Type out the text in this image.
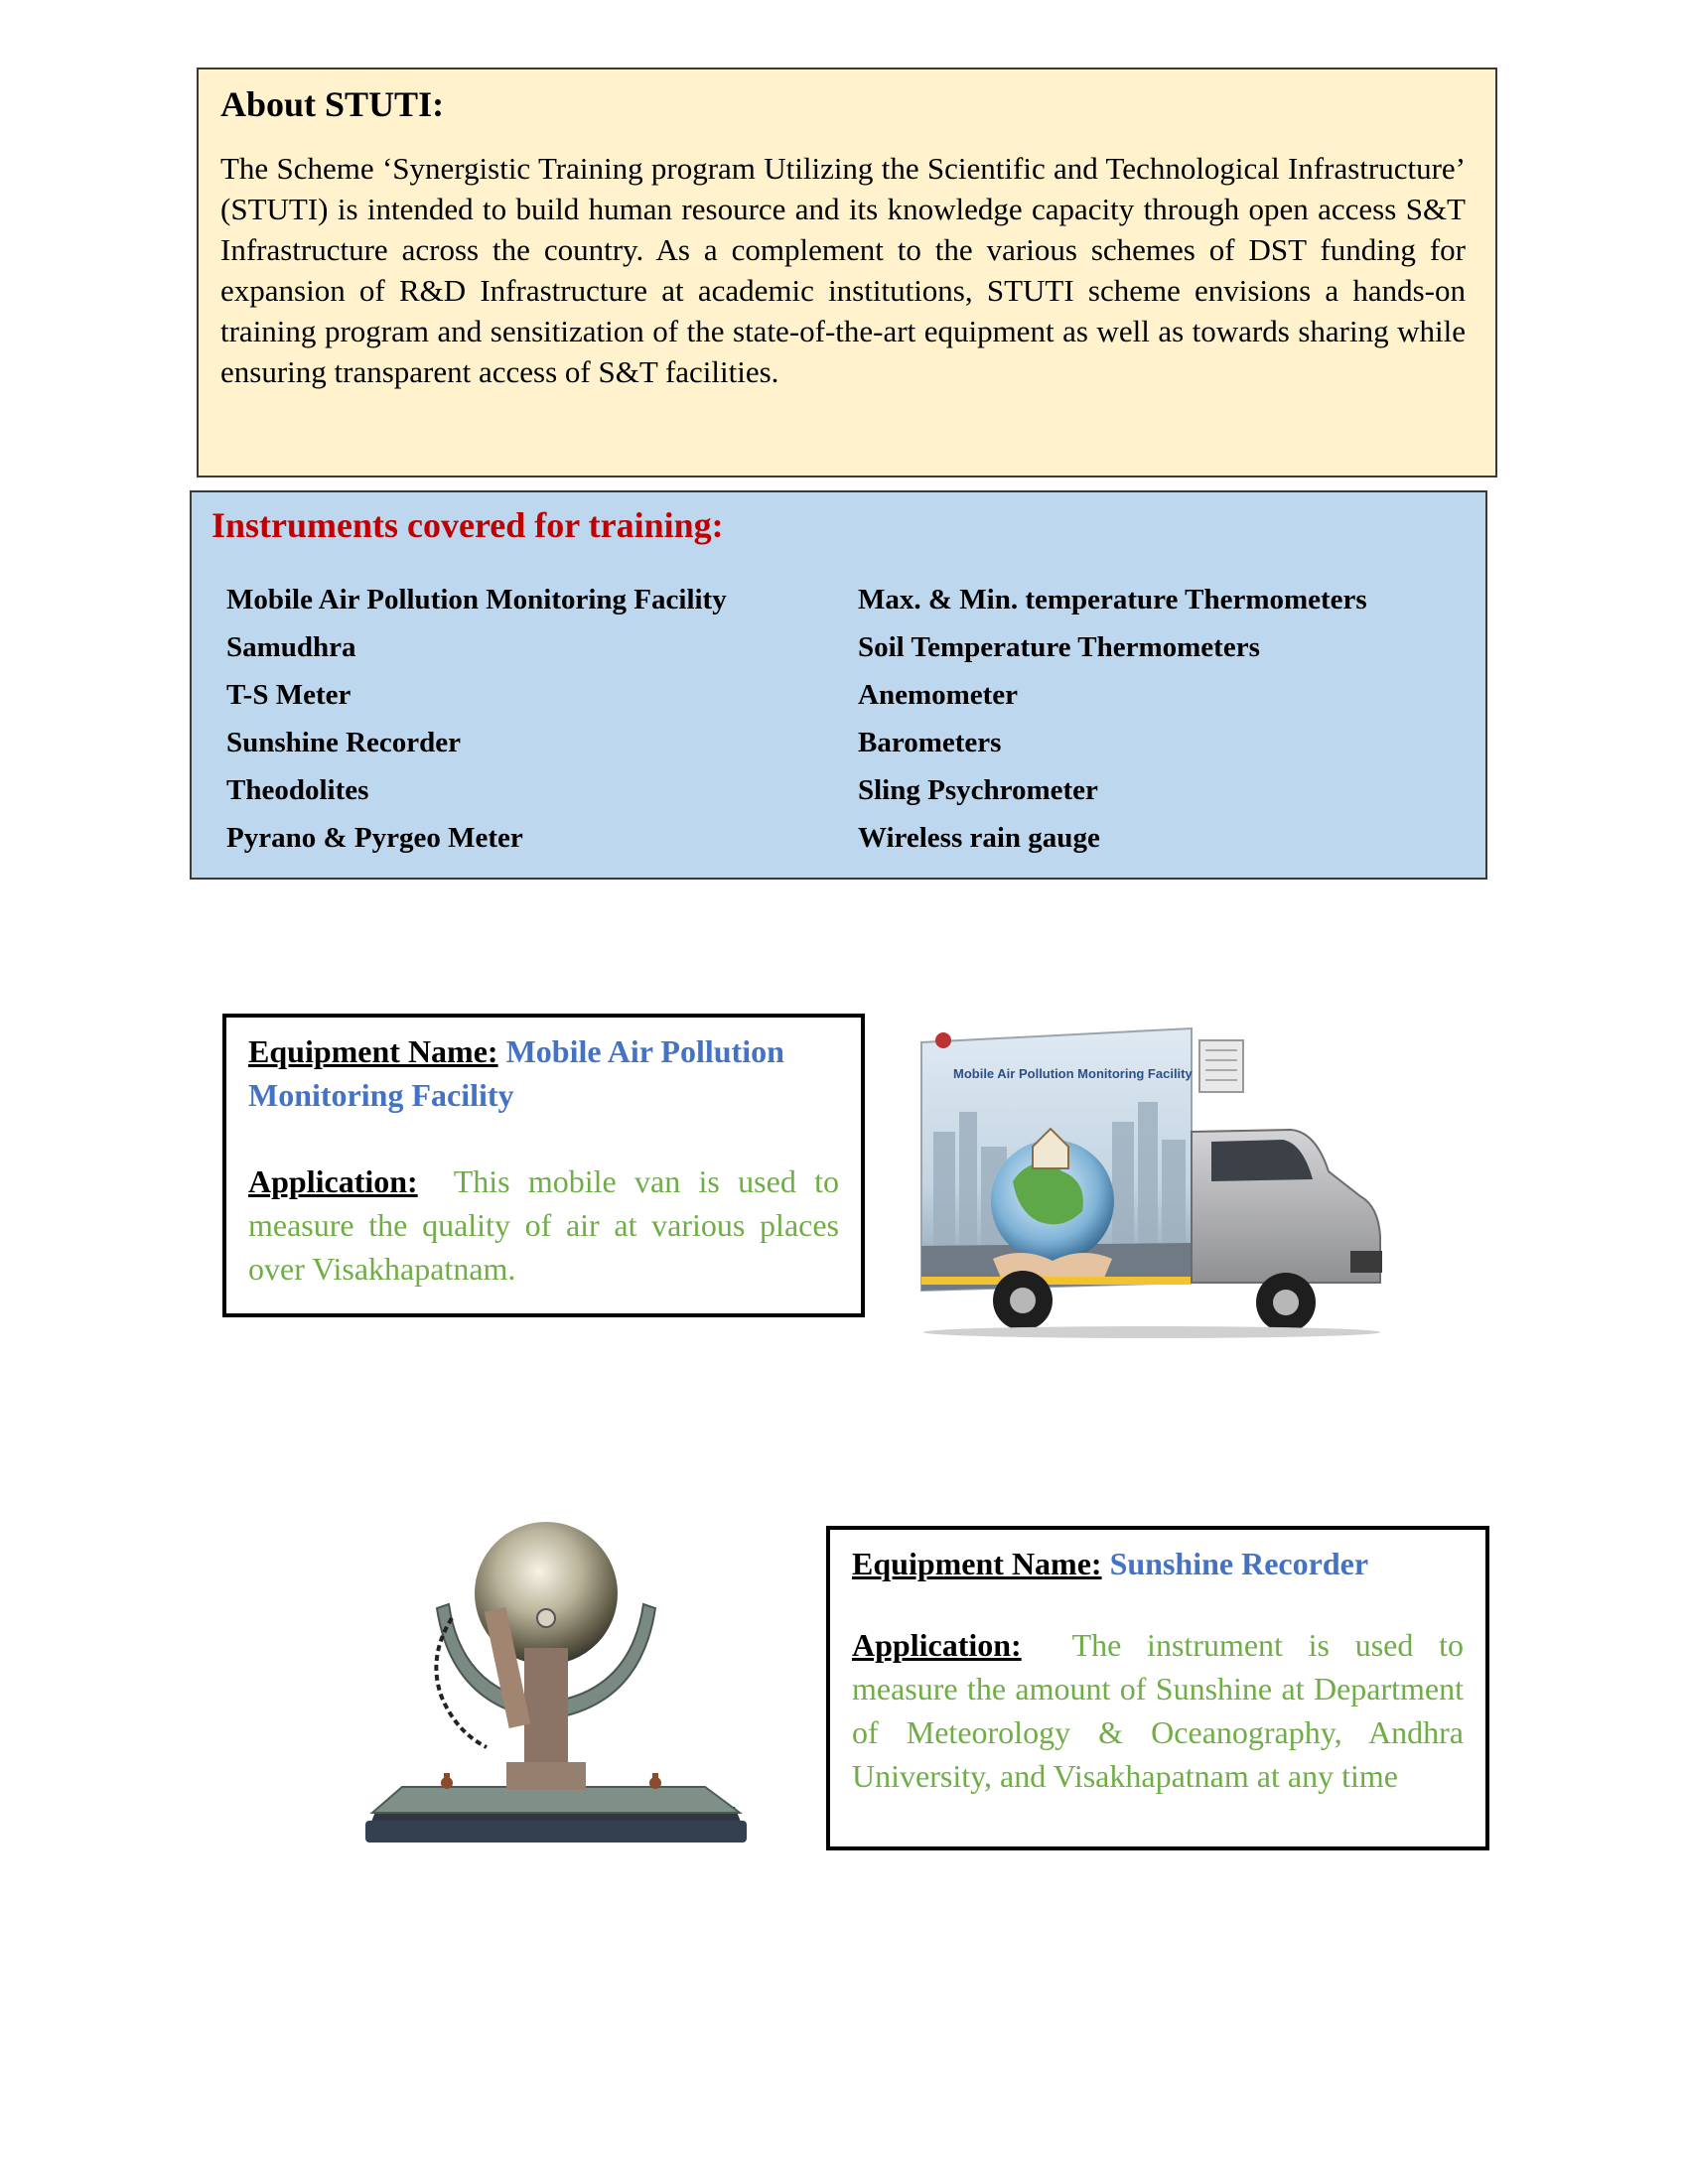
About STUTI:

The Scheme ‘Synergistic Training program Utilizing the Scientific and Technological Infrastructure’ (STUTI) is intended to build human resource and its knowledge capacity through open access S&T Infrastructure across the country. As a complement to the various schemes of DST funding for expansion of R&D Infrastructure at academic institutions, STUTI scheme envisions a hands-on training program and sensitization of the state-of-the-art equipment as well as towards sharing while ensuring transparent access of S&T facilities.

Instruments covered for training:
Mobile Air Pollution Monitoring Facility
Samudhra
T-S Meter
Sunshine Recorder
Theodolites
Pyrano & Pyrgeo Meter
Max. & Min. temperature Thermometers
Soil Temperature Thermometers
Anemometer
Barometers
Sling Psychrometer
Wireless rain gauge
Equipment Name: Mobile Air Pollution Monitoring Facility
Application: This mobile van is used to measure the quality of air at various places over Visakhapatnam.
Mobile Air Pollution Monitoring Facility
Equipment Name: Sunshine Recorder
Application: The instrument is used to measure the amount of Sunshine at Department of Meteorology & Oceanography, Andhra University, and Visakhapatnam at any time
